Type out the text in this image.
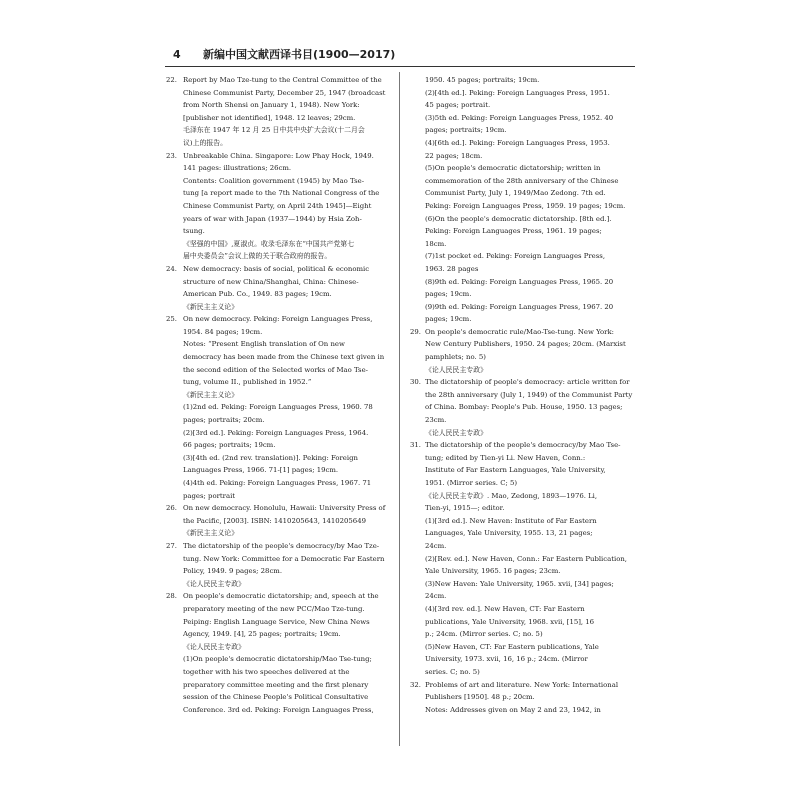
4 新编中国文献西译书目(1900—2017)
22. Report by Mao Tze-tung to the Central Committee of the
Chinese Communist Party, December 25, 1947 (broadcast
from North Shensi on January 1, 1948). New York:
[publisher not identified], 1948. 12 leaves; 29cm.
毛泽东在 1947 年 12 月 25 日中共中央扩大会议(十二月会
议)上的报告。
23. Unbreakable China. Singapore: Low Phay Hock, 1949.
141 pages: illustrations; 26cm.
Contents: Coalition government (1945) by Mao Tse-
tung [a report made to the 7th National Congress of the
Chinese Communist Party, on April 24th 1945]—Eight
years of war with Japan (1937—1944) by Hsia Zoh-
tsung.
《坚强的中国》,夏淑贞。收录毛泽东在“中国共产党第七
届中央委员会”会议上做的关于联合政府的报告。
24. New democracy: basis of social, political & economic
structure of new China/Shanghai, China: Chinese-
American Pub. Co., 1949. 83 pages; 19cm.
《新民主主义论》
25. On new democracy. Peking: Foreign Languages Press,
1954. 84 pages; 19cm.
Notes: “Present English translation of On new
democracy has been made from the Chinese text given in
the second edition of the Selected works of Mao Tse-
tung, volume II., published in 1952.”
《新民主主义论》
(1)2nd ed. Peking: Foreign Languages Press, 1960. 78
pages; portraits; 20cm.
(2)[3rd ed.]. Peking: Foreign Languages Press, 1964.
66 pages; portraits; 19cm.
(3)[4th ed. (2nd rev. translation)]. Peking: Foreign
Languages Press, 1966. 71-[1] pages; 19cm.
(4)4th ed. Peking: Foreign Languages Press, 1967. 71
pages; portrait
26. On new democracy. Honolulu, Hawaii: University Press of
the Pacific, [2003]. ISBN: 1410205643, 1410205649
《新民主主义论》
27. The dictatorship of the people's democracy/by Mao Tze-
tung. New York: Committee for a Democratic Far Eastern
Policy, 1949. 9 pages; 28cm.
《论人民民主专政》
28. On people's democratic dictatorship; and, speech at the
preparatory meeting of the new PCC/Mao Tze-tung.
Peiping: English Language Service, New China News
Agency, 1949. [4], 25 pages; portraits; 19cm.
《论人民民主专政》
(1)On people's democratic dictatorship/Mao Tse-tung;
together with his two speeches delivered at the
preparatory committee meeting and the first plenary
session of the Chinese People's Political Consultative
Conference. 3rd ed. Peking: Foreign Languages Press,
1950. 45 pages; portraits; 19cm.
(2)[4th ed.]. Peking: Foreign Languages Press, 1951.
45 pages; portrait.
(3)5th ed. Peking: Foreign Languages Press, 1952. 40
pages; portraits; 19cm.
(4)[6th ed.]. Peking: Foreign Languages Press, 1953.
22 pages; 18cm.
(5)On people's democratic dictatorship; written in
commemoration of the 28th anniversary of the Chinese
Communist Party, July 1, 1949/Mao Zedong. 7th ed.
Peking: Foreign Languages Press, 1959. 19 pages; 19cm.
(6)On the people's democratic dictatorship. [8th ed.].
Peking: Foreign Languages Press, 1961. 19 pages;
18cm.
(7)1st pocket ed. Peking: Foreign Languages Press,
1963. 28 pages
(8)9th ed. Peking: Foreign Languages Press, 1965. 20
pages; 19cm.
(9)9th ed. Peking: Foreign Languages Press, 1967. 20
pages; 19cm.
29. On people's democratic rule/Mao-Tse-tung. New York:
New Century Publishers, 1950. 24 pages; 20cm. (Marxist
pamphlets; no. 5)
《论人民民主专政》
30. The dictatorship of people's democracy: article written for
the 28th anniversary (July 1, 1949) of the Communist Party
of China. Bombay: People's Pub. House, 1950. 13 pages;
23cm.
《论人民民主专政》
31. The dictatorship of the people's democracy/by Mao Tse-
tung; edited by Tien-yi Li. New Haven, Conn.:
Institute of Far Eastern Languages, Yale University,
1951. (Mirror series. C; 5)
《论人民民主专政》. Mao, Zedong, 1893—1976. Li,
Tien-yi, 1915—; editor.
(1)[3rd ed.]. New Haven: Institute of Far Eastern
Languages, Yale University, 1955. 13, 21 pages;
24cm.
(2)[Rev. ed.]. New Haven, Conn.: Far Eastern Publication,
Yale University, 1965. 16 pages; 23cm.
(3)New Haven: Yale University, 1965. xvii, [34] pages;
24cm.
(4)[3rd rev. ed.]. New Haven, CT: Far Eastern
publications, Yale University, 1968. xvii, [15], 16
p.; 24cm. (Mirror series. C; no. 5)
(5)New Haven, CT: Far Eastern publications, Yale
University, 1973. xvii, 16, 16 p.; 24cm. (Mirror
series. C; no. 5)
32. Problems of art and literature. New York: International
Publishers [1950]. 48 p.; 20cm.
Notes: Addresses given on May 2 and 23, 1942, in
